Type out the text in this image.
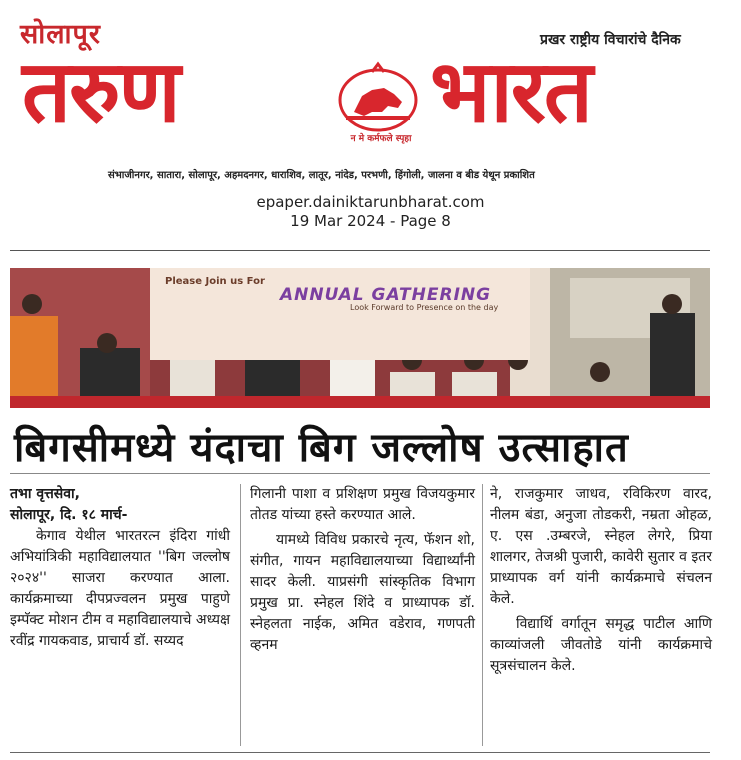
सोलापूर	प्रखर राष्ट्रीय विचारांचे दैनिक
तरुण	न मे कर्मफले स्पृहा भारत
संभाजीनगर, सातारा, सोलापूर, अहमदनगर, धाराशिव, लातूर, नांदेड, परभणी, हिंगोली, जालना व बीड येथून प्रकाशित
epaper.dainiktarunbharat.com
19 Mar 2024 - Page 8
Please Join us For
ANNUAL GATHERING
Look Forward to Presence on the day
बिगसीमध्ये यंदाचा बिग जल्लोष उत्साहात

तभा वृत्तसेवा,

सोलापूर, दि. १८ मार्च-

केगाव येथील भारतरत्न इंदिरा गांधी अभियांत्रिकी महाविद्यालयात ''बिग जल्लोष २०२४'' साजरा करण्यात आला. कार्यक्रमाच्या दीपप्रज्वलन प्रमुख पाहुणे इम्पॅक्ट मोशन टीम व महाविद्यालयाचे अध्यक्ष रवींद्र गायकवाड, प्राचार्य डॉ. सय्यद

गिलानी पाशा व प्रशिक्षण प्रमुख विजयकुमार तोतड यांच्या हस्ते करण्यात आले.

यामध्ये विविध प्रकारचे नृत्य, फॅशन शो, संगीत, गायन महाविद्यालयाच्या विद्यार्थ्यांनी सादर केली. याप्रसंगी सांस्कृतिक विभाग प्रमुख प्रा. स्नेहल शिंदे व प्राध्यापक डॉ. स्नेहलता नाईक, अमित वडेराव, गणपती व्हनम

ने, राजकुमार जाधव, रविकिरण वारद, नीलम बंडा, अनुजा तोडकरी, नम्रता ओहळ, ए. एस .उम्बरजे, स्नेहल लेगरे, प्रिया शालगर, तेजश्री पुजारी, कावेरी सुतार व इतर प्राध्यापक वर्ग यांनी कार्यक्रमाचे संचलन केले.

विद्यार्थि वर्गातून समृद्ध पाटील आणि काव्यांजली जीवतोडे यांनी कार्यक्रमाचे सूत्रसंचालन केले.
